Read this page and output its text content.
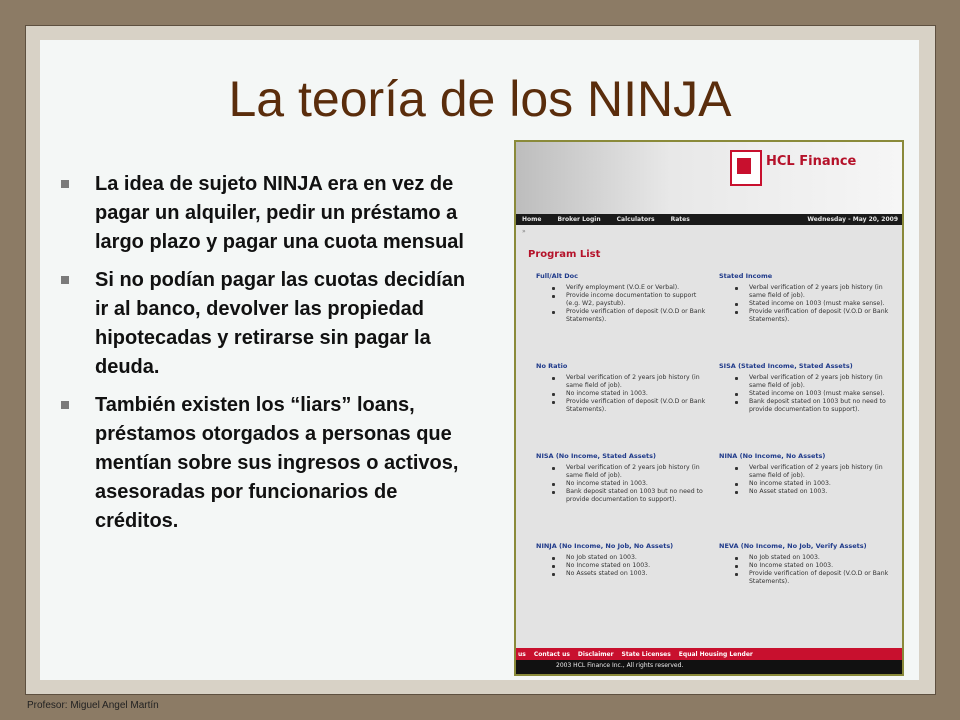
La teoría de los NINJA
La idea de sujeto NINJA era en vez de pagar un alquiler, pedir un préstamo a largo plazo y pagar una cuota mensual
Si no podían pagar las cuotas decidían ir al banco, devolver las propiedad hipotecadas y retirarse sin pagar la deuda.
También existen los “liars” loans, préstamos otorgados a personas que mentían sobre sus ingresos o activos, asesoradas por funcionarios de créditos.
HCL Finance
Home	Broker Login	Calculators	Rates	Wednesday - May 20, 2009
»
Program List
Full/Alt Doc
Verify employment (V.O.E or Verbal).
Provide income documentation to support (e.g. W2, paystub).
Provide verification of deposit (V.O.D or Bank Statements).
No Ratio
Verbal verification of 2 years job history (in same field of job).
No income stated in 1003.
Provide verification of deposit (V.O.D or Bank Statements).
NISA (No Income, Stated Assets)
Verbal verification of 2 years job history (in same field of job).
No income stated in 1003.
Bank deposit stated on 1003 but no need to provide documentation to support).
NINJA (No Income, No Job, No Assets)
No Job stated on 1003.
No Income stated on 1003.
No Assets stated on 1003.
Stated Income
Verbal verification of 2 years job history (in same field of job).
Stated income on 1003 (must make sense).
Provide verification of deposit (V.O.D or Bank Statements).
SISA (Stated Income, Stated Assets)
Verbal verification of 2 years job history (in same field of job).
Stated income on 1003 (must make sense).
Bank deposit stated on 1003 but no need to provide documentation to support).
NINA (No Income, No Assets)
Verbal verification of 2 years job history (in same field of job).
No income stated in 1003.
No Asset stated on 1003.
NEVA (No Income, No Job, Verify Assets)
No Job stated on 1003.
No Income stated on 1003.
Provide verification of deposit (V.O.D or Bank Statements).
us Contact us Disclaimer State Licenses Equal Housing Lender
2003 HCL Finance Inc., All rights reserved.
Profesor: Miguel Angel Martín
